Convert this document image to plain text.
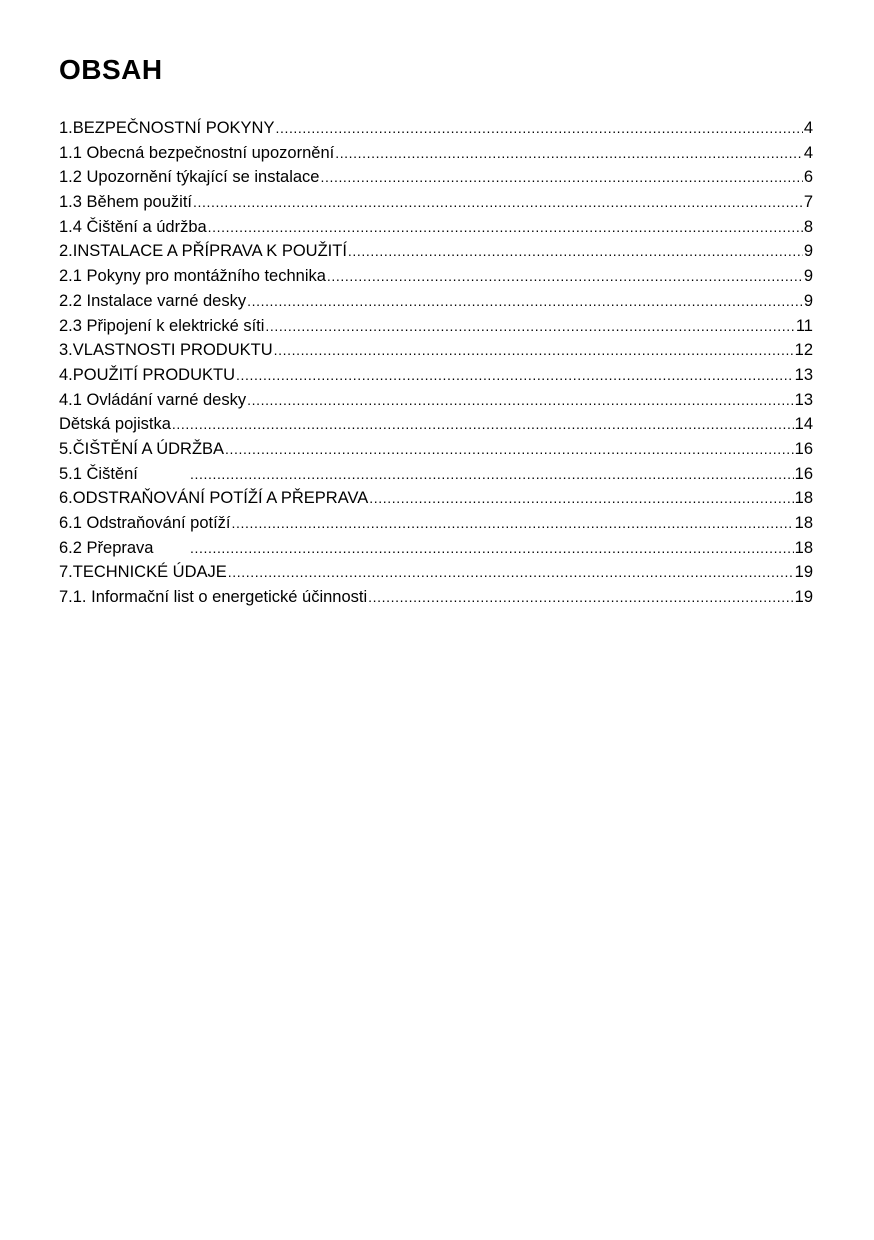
OBSAH
1.BEZPEČNOSTNÍ POKYNY .....	4
1.1 Obecná bezpečnostní upozornění .....	4
1.2 Upozornění týkající se instalace .....	6
1.3 Během použití .....	7
1.4 Čištění a údržba .....	8
2.INSTALACE A PŘÍPRAVA K POUŽITÍ .....	9
2.1 Pokyny pro montážního technika .....	9
2.2 Instalace varné desky .....	9
2.3 Připojení k elektrické síti .....	11
3.VLASTNOSTI PRODUKTU .....	12
4.POUŽITÍ PRODUKTU .....	13
4.1 Ovládání varné desky .....	13
Dětská pojistka .....	14
5.ČIŠTĚNÍ A ÚDRŽBA .....	16
5.1 Čištění .....	16
6.ODSTRAŇOVÁNÍ POTÍŽÍ A PŘEPRAVA .....	18
6.1 Odstraňování potíží .....	18
6.2 Přeprava .....	18
7.TECHNICKÉ ÚDAJE .....	19
7.1. Informační list o energetické účinnosti .....	19
